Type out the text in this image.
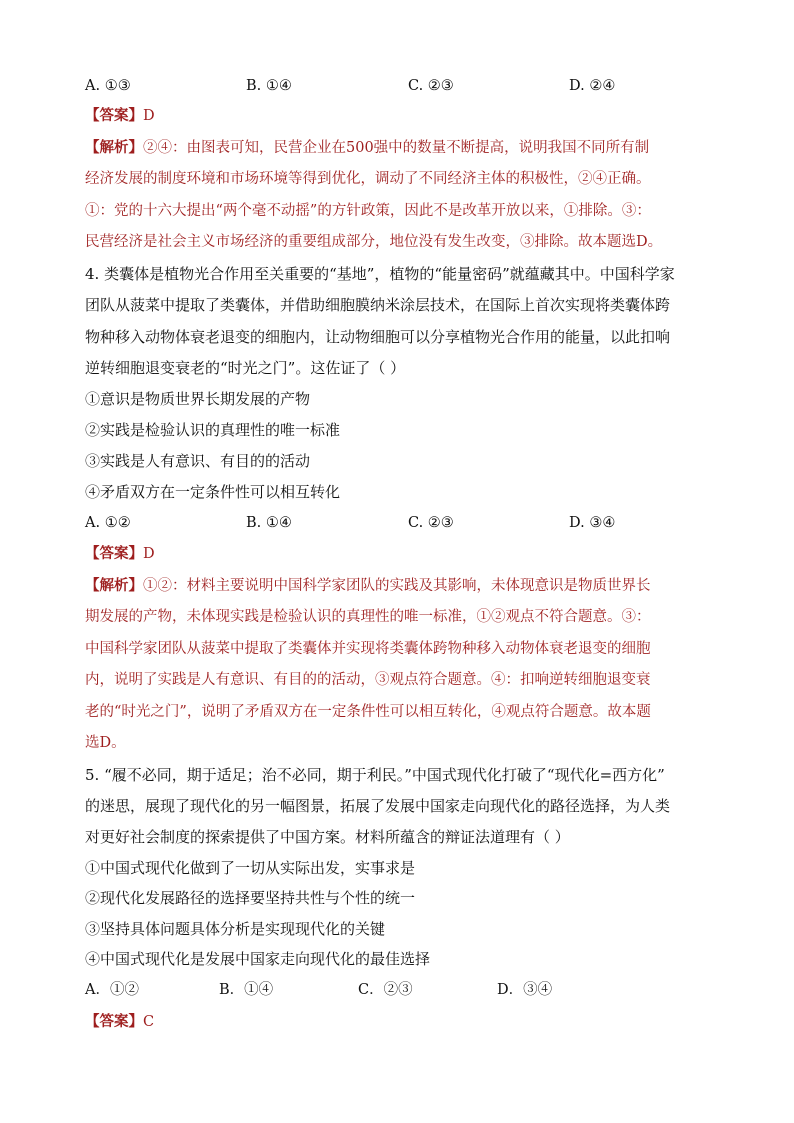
A. ①③	B. ①④	C. ②③	D. ②④
【答案】D
【解析】②④：由图表可知，民营企业在500强中的数量不断提高，说明我国不同所有制
经济发展的制度环境和市场环境等得到优化，调动了不同经济主体的积极性，②④正确。
①：党的十六大提出“两个毫不动摇”的方针政策，因此不是改革开放以来，①排除。③：
民营经济是社会主义市场经济的重要组成部分，地位没有发生改变，③排除。故本题选D。
4. 类囊体是植物光合作用至关重要的“基地”，植物的“能量密码”就蕴藏其中。中国科学家
团队从菠菜中提取了类囊体，并借助细胞膜纳米涂层技术，在国际上首次实现将类囊体跨
物种移入动物体衰老退变的细胞内，让动物细胞可以分享植物光合作用的能量，以此扣响
逆转细胞退变衰老的“时光之门”。这佐证了（ ）
①意识是物质世界长期发展的产物
②实践是检验认识的真理性的唯一标准
③实践是人有意识、有目的的活动
④矛盾双方在一定条件性可以相互转化
A. ①②	B. ①④	C. ②③	D. ③④
【答案】D
【解析】①②：材料主要说明中国科学家团队的实践及其影响，未体现意识是物质世界长
期发展的产物，未体现实践是检验认识的真理性的唯一标准，①②观点不符合题意。③：
中国科学家团队从菠菜中提取了类囊体并实现将类囊体跨物种移入动物体衰老退变的细胞
内，说明了实践是人有意识、有目的的活动，③观点符合题意。④：扣响逆转细胞退变衰
老的“时光之门”，说明了矛盾双方在一定条件性可以相互转化，④观点符合题意。故本题
选D。
5. “履不必同，期于适足；治不必同，期于利民。”中国式现代化打破了“现代化=西方化”
的迷思，展现了现代化的另一幅图景，拓展了发展中国家走向现代化的路径选择，为人类
对更好社会制度的探索提供了中国方案。材料所蕴含的辩证法道理有（ ）
①中国式现代化做到了一切从实际出发，实事求是
②现代化发展路径的选择要坚持共性与个性的统一
③坚持具体问题具体分析是实现现代化的关键
④中国式现代化是发展中国家走向现代化的最佳选择
A．①②	B．①④	C．②③	D．③④
【答案】C
